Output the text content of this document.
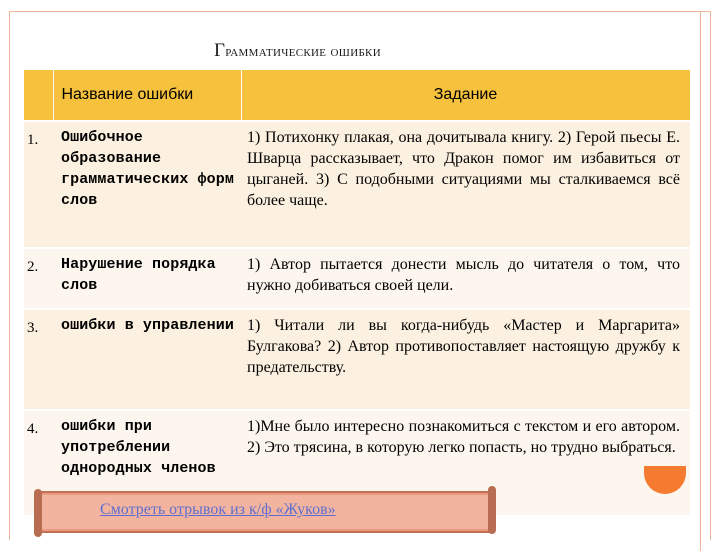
Грамматические ошибки
	Название ошибки	Задание
1.	Ошибочное образование грамматических форм слов	1) Потихонку плакая, она дочитывала книгу. 2) Герой пьесы Е. Шварца рассказывает, что Дракон помог им избавиться от цыганей. 3) С подобными ситуациями мы сталкиваемся всё более чаще.
2.	Нарушение порядка слов	1) Автор пытается донести мысль до читателя о том, что нужно добиваться своей цели.
3.	ошибки в управлении	1) Читали ли вы когда-нибудь «Мастер и Маргарита» Булгакова? 2) Автор противопоставляет настоящую дружбу к предательству.
4.	ошибки при употреблении однородных членов	1)Мне было интересно познакомиться с текстом и его автором. 2) Это трясина, в которую легко попасть, но трудно выбраться.
Смотреть отрывок из к/ф «Жуков»
